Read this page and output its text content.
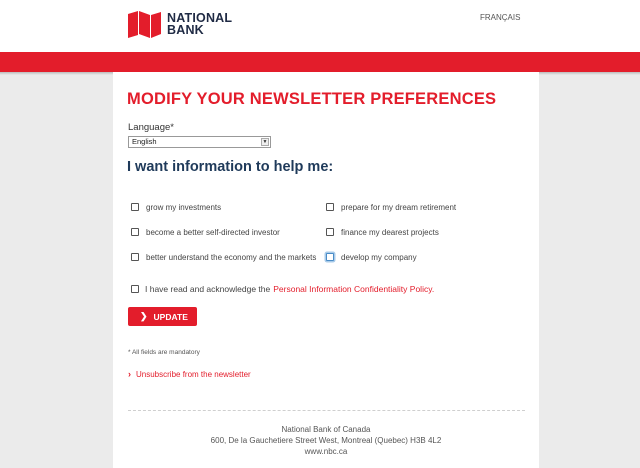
NATIONAL
BANK
FRANÇAIS
MODIFY YOUR NEWSLETTER PREFERENCES
Language*
English	▼
I want information to help me:
grow my investments	prepare for my dream retirement
become a better self-directed investor	finance my dearest projects
better understand the economy and the markets	develop my company
I have read and acknowledge the Personal Information Confidentiality Policy.
❯ UPDATE
* All fields are mandatory
› Unsubscribe from the newsletter
National Bank of Canada
600, De la Gauchetiere Street West, Montreal (Quebec) H3B 4L2
www.nbc.ca
